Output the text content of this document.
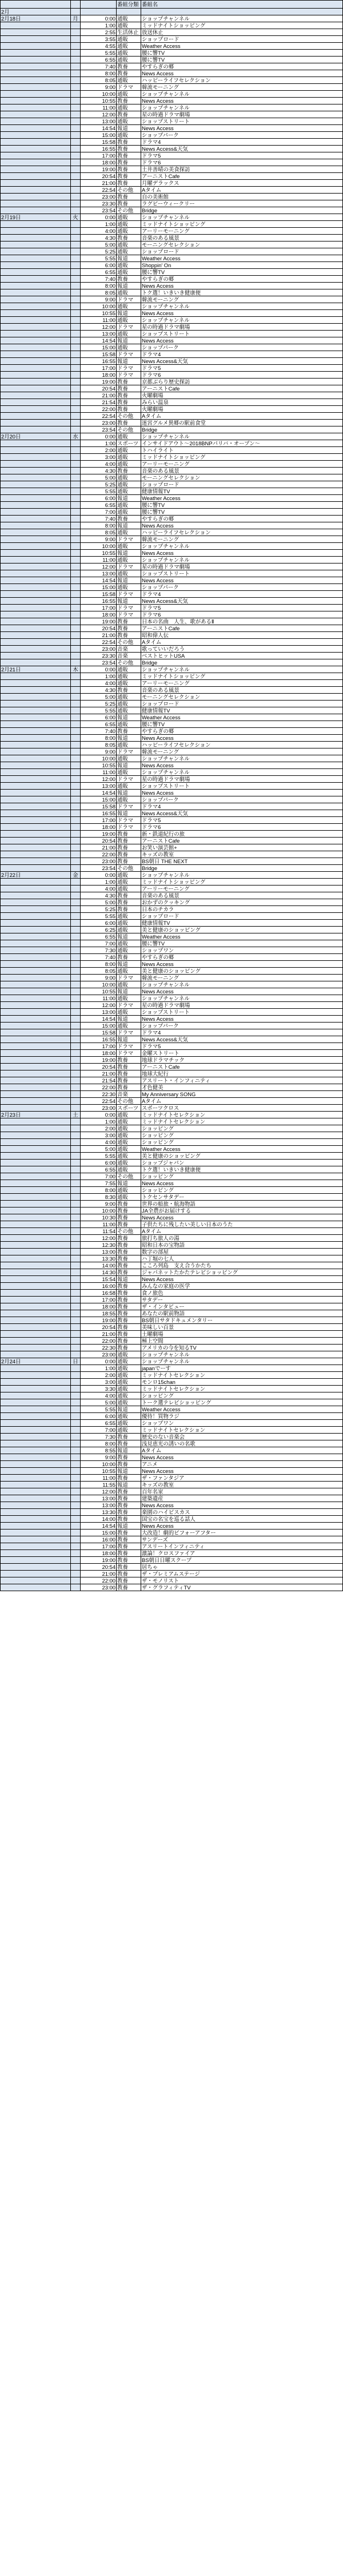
			番組分類	番組名
2月				
2月18日	月	0:00	通販	ショップチャンネル
		1:00	通販	ミッドナイトショッピング
		2:55	生活休止	放送休止
		3:55	通販	ショップロード
		4:55	通販	Weather Access
		5:55	通販	腰に響TV
		6:55	通販	腰に響TV
		7:40	教養	やすらぎの郷
		8:00	教養	News Access
		8:05	通販	ハッピーライフセレクション
		9:00	ドラマ	韓流モーニング
		10:00	通販	ショップチャンネル
		10:55	教養	News Access
		11:00	通販	ショップチャンネル
		12:00	教養	星の時過ドラマ劇場
		13:00	通販	ショップストリート
		14:54	報道	News Access
		15:00	通販	ショップパーク
		15:58	教養	ドラマ4
		16:55	教養	News Access&天気
		17:00	教養	ドラマ5
		18:00	教養	ドラマ6
		19:00	教養	土井善晴の美食探訪
		20:54	教養	アーニストCafe
		21:00	教養	月曜デラックス
		22:54	その他	Aタイム
		23:00	教養	自の美術館
		23:30	教養	ラグビーウィークリー
		23:54	その他	Bridge
2月19日	火	0:00	通販	ショップチャンネル
		1:00	通販	ミッドナイトショッピング
		4:00	通販	アーリーモーニング
		4:30	教養	音楽のある風景
		5:00	通販	モーニングセレクション
		5:25	通販	ショップロード
		5:55	報道	Weather Access
		6:00	通販	Shoppin' On
		6:55	通販	腰に響TV
		7:40	教養	やすらぎの郷
		8:00	報道	News Access
		8:05	通販	トク選！いきいき健康便
		9:00	ドラマ	韓流モーニング
		10:00	通販	ショップチャンネル
		10:55	報道	News Access
		11:00	通販	ショップチャンネル
		12:00	ドラマ	星の時過ドラマ劇場
		13:00	通販	ショップストリート
		14:54	報道	News Access
		15:00	通販	ショップパーク
		15:58	ドラマ	ドラマ4
		16:55	報道	News Access&天気
		17:00	ドラマ	ドラマ5
		18:00	ドラマ	ドラマ6
		19:00	教養	京都ぶらり歴史探訪
		20:54	教養	アーニストCafe
		21:00	教養	火曜劇場
		21:54	教養	みらい温泉
		22:00	教養	火曜劇場
		22:54	その他	Aタイム
		23:00	教養	迷宮グルメ異郷の駅前食堂
		23:54	その他	Bridge
2月20日	水	0:00	通販	ショップチャンネル
		1:00	スポーツ	インサイドアウト〜2018BNPパリバ・オープン〜
		2:00	通販	トハイライト
		3:00	通販	ミッドナイトショッピング
		4:00	通販	アーリーモーニング
		4:30	教養	音楽のある風景
		5:00	通販	モーニングセレクション
		5:25	通販	ショップロード
		5:55	通販	健康情報TV
		6:00	報道	Weather Access
		6:55	通販	腰に響TV
		7:00	通販	腰に響TV
		7:40	教養	やすらぎの郷
		8:00	報道	News Access
		8:05	通販	ハッピーライフセレクション
		9:00	ドラマ	韓流モーニング
		10:00	通販	ショップチャンネル
		10:55	報道	News Access
		11:00	通販	ショップチャンネル
		12:00	ドラマ	星の時過ドラマ劇場
		13:00	通販	ショップストリート
		14:54	報道	News Access
		15:00	通販	ショップパーク
		15:58	ドラマ	ドラマ4
		16:55	報道	News Access&天気
		17:00	ドラマ	ドラマ5
		18:00	ドラマ	ドラマ6
		19:00	教養	日本の名曲　人生、歌があるⅡ
		20:54	教養	アーニストCafe
		21:00	教養	昭和偉人伝
		22:54	その他	Aタイム
		23:00	音楽	歌っていいだろう
		23:30	音楽	ベストヒットUSA
		23:54	その他	Bridge
2月21日	木	0:00	通販	ショップチャンネル
		1:00	通販	ミッドナイトショッピング
		4:00	通販	アーリーモーニング
		4:30	教養	音楽のある風景
		5:00	通販	モーニングセレクション
		5:25	通販	ショップロード
		5:55	通販	健康情報TV
		6:00	報道	Weather Access
		6:55	通販	腰に響TV
		7:40	教養	やすらぎの郷
		8:00	報道	News Access
		8:05	通販	ハッピーライフセレクション
		9:00	ドラマ	韓流モーニング
		10:00	通販	ショップチャンネル
		10:55	報道	News Access
		11:00	通販	ショップチャンネル
		12:00	ドラマ	星の時過ドラマ劇場
		13:00	通販	ショップストリート
		14:54	報道	News Access
		15:00	通販	ショップパーク
		15:58	ドラマ	ドラマ4
		16:55	報道	News Access&天気
		17:00	ドラマ	ドラマ5
		18:00	ドラマ	ドラマ6
		19:00	教養	新・鉄道紀行の旅
		20:54	教養	アーニストCafe
		21:00	教養	お笑い演芸館+
		22:00	教養	キッズの教室
		23:00	教養	BS朝日 THE NEXT
		23:54	その他	Bridge
2月22日	金	0:00	通販	ショップチャンネル
		1:00	通販	ミッドナイトショッピング
		4:00	通販	アーリーモーニング
		4:30	教養	音楽のある風景
		5:00	教養	おかずのクッキング
		5:25	教養	日本のチカラ
		5:55	通販	ショップロード
		6:00	通販	健康情報TV
		6:25	通販	美と健康のショッピング
		6:55	報道	Weather Access
		7:00	通販	腰に響TV
		7:30	通販	ショップワン
		7:40	教養	やすらぎの郷
		8:00	報道	News Access
		8:05	通販	美と健康のショッピング
		9:00	ドラマ	韓流モーニング
		10:00	通販	ショップチャンネル
		10:55	報道	News Access
		11:00	通販	ショップチャンネル
		12:00	ドラマ	星の時過ドラマ劇場
		13:00	通販	ショップストリート
		14:54	報道	News Access
		15:00	通販	ショップパーク
		15:58	ドラマ	ドラマ4
		16:55	報道	News Access&天気
		17:00	ドラマ	ドラマ5
		18:00	ドラマ	金曜ストリート
		19:00	教養	地球ドラマチック
		20:54	教養	アーニストCafe
		21:00	教養	地球大紀行
		21:54	教養	アスリート・インフィニティ
		22:00	教養	才色健美
		22:30	音楽	My Anniversary SONG
		22:54	その他	Aタイム
		23:00	スポーツ	スポーツクロス
2月23日	土	0:00	通販	ミッドナイトセレクション
		1:00	通販	ミッドナイトセレクション
		2:00	通販	ショッピング
		3:00	通販	ショッピング
		4:00	通販	ショッピング
		5:00	通販	Weather Access
		5:55	通販	美と健康のショッピング
		6:00	通販	ショップジャパン
		6:55	通販	トク選！いきいき健康便
		7:00	その他	ショッピング
		7:55	報道	News Access
		8:00	通販	ショッピング
		8:30	通販	トクセンサタデー
		9:00	教養	世界の船旅・航海物語
		10:00	教養	JA全農がお届けする
		10:30	教養	News Access
		11:00	教養	子供たちに残したい美しい日本のうた
		11:54	その他	Aタイム
		12:00	教養	旅打ち旅人の湯
		12:30	教養	昭和日本の宝物語
		13:00	教養	数字の部屋
		13:30	教養	ハ丁堀の七人
		14:00	教養	こころ列島　支え合うかたち
		14:30	教養	ジャパネットたかたテレビショッピング
		15:54	報道	News Access
		16:00	教養	みんなの家庭の医学
		16:58	教養	食ノ旅色
		17:00	教養	サタデー
		18:00	教養	ザ・インタビュー
		18:55	教養	あなたの駅前物語
		19:00	教養	BS朝日サタドキュメンタリー
		20:54	教養	美味しい百景
		21:00	教養	土曜劇場
		22:00	教養	極上空間
		22:30	教養	アメリカの今を知るTV
		23:00	通販	ショップチャンネル
2月24日	日	0:00	通販	ショップチャンネル
		1:00	通販	japanでーす
		2:00	通販	ミッドナイトセレクション
		3:00	通販	モンロ15chan
		3:30	通販	ミッドナイトセレクション
		4:00	通販	ショッピング
		5:00	通販	トーク選テレビショッピング
		5:55	報道	Weather Access
		6:00	通販	優待！買物ラジ
		6:55	通販	ショップワン
		7:00	通販	ミッドナイトセレクション
		7:30	教養	歴史のない音楽会
		8:00	教養	浅見恵光の誘いの名歌
		8:55	報道	Aタイム
		9:00	教養	News Access
		10:00	教養	アニメ
		10:55	報道	News Access
		11:00	教養	ザ・ファンタジア
		11:55	報道	キッズの教室
		12:00	教養	百年名家
		13:00	教養	建築遺産
		13:00	教養	News Access
		13:30	教養	楽園のハイビスカス
		14:00	教養	国宝の名宝を巡る話人
		14:54	報道	News Access
		15:00	教養	大改造！劇的ビフォーアフター
		16:00	教養	サンデーズ
		17:00	教養	アスリートインフィニティ
		18:00	教養	激論！クロスファイア
		19:00	教養	BS朝日日曜スクープ
		20:54	教養	居ちゃ
		21:00	教養	ザ・プレミアムステージ
		22:00	教養	ザ・モノリスト
		23:00	教養	ザ・グラフィティTV
